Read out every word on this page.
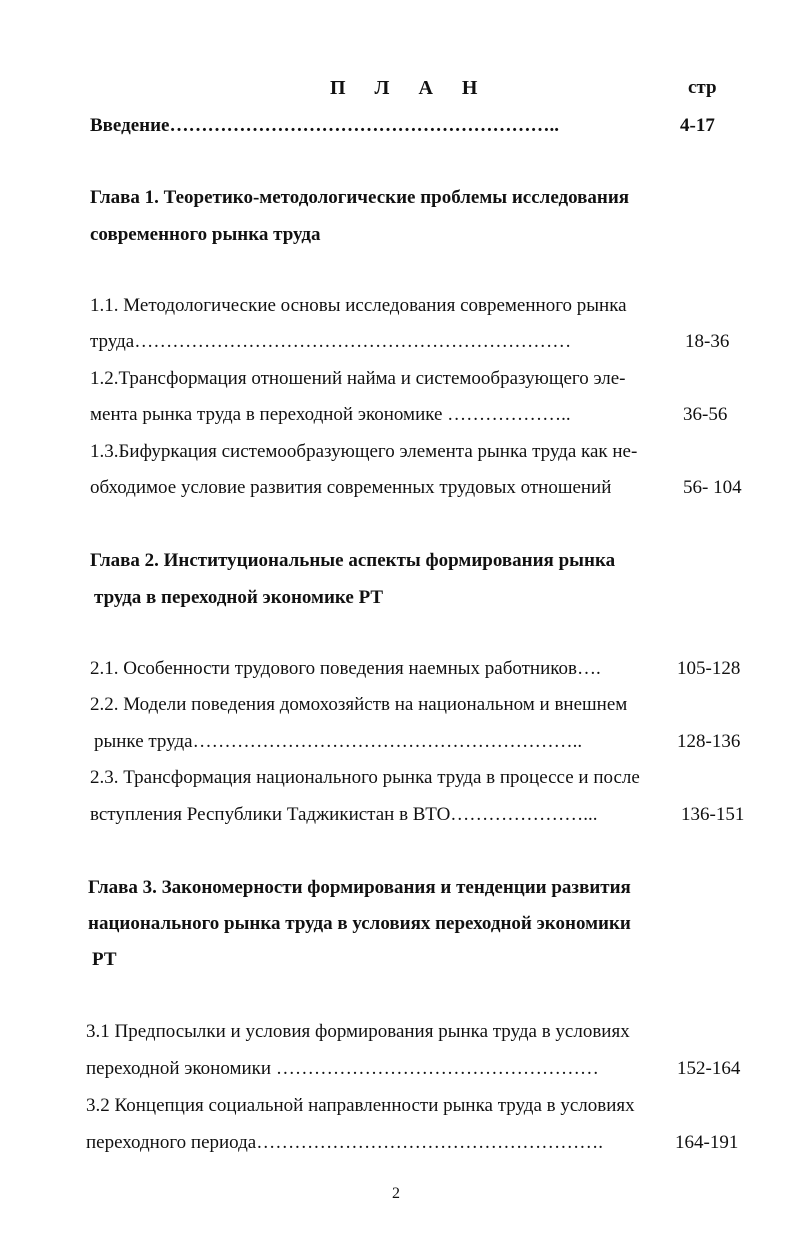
П Л А Н	стр
Введение……………………………………………………..	4-17
Глава 1. Теоретико-методологические проблемы исследования
современного рынка труда
1.1. Методологические основы исследования современного рынка
труда……………………………………………………………	18-36
1.2.Трансформация отношений найма и системообразующего эле-
мента рынка труда в переходной экономике ………………..	36-56
1.3.Бифуркация системообразующего элемента рынка труда как не-
обходимое условие развития современных трудовых отношений	56- 104
Глава 2. Институциональные аспекты формирования рынка
труда в переходной экономике РТ
2.1. Особенности трудового поведения наемных работников….	105-128
2.2. Модели поведения домохозяйств на национальном и внешнем
рынке труда……………………………………………………..	128-136
2.3. Трансформация национального рынка труда в процессе и после
вступления Республики Таджикистан в ВТО…………………...	136-151
Глава 3. Закономерности формирования и тенденции развития
национального рынка труда в условиях переходной экономики
РТ
3.1 Предпосылки и условия формирования рынка труда в условиях
переходной экономики ……………………………………………	152-164
3.2 Концепция социальной направленности рынка труда в условиях
переходного периода……………………………………………….	164-191
2
